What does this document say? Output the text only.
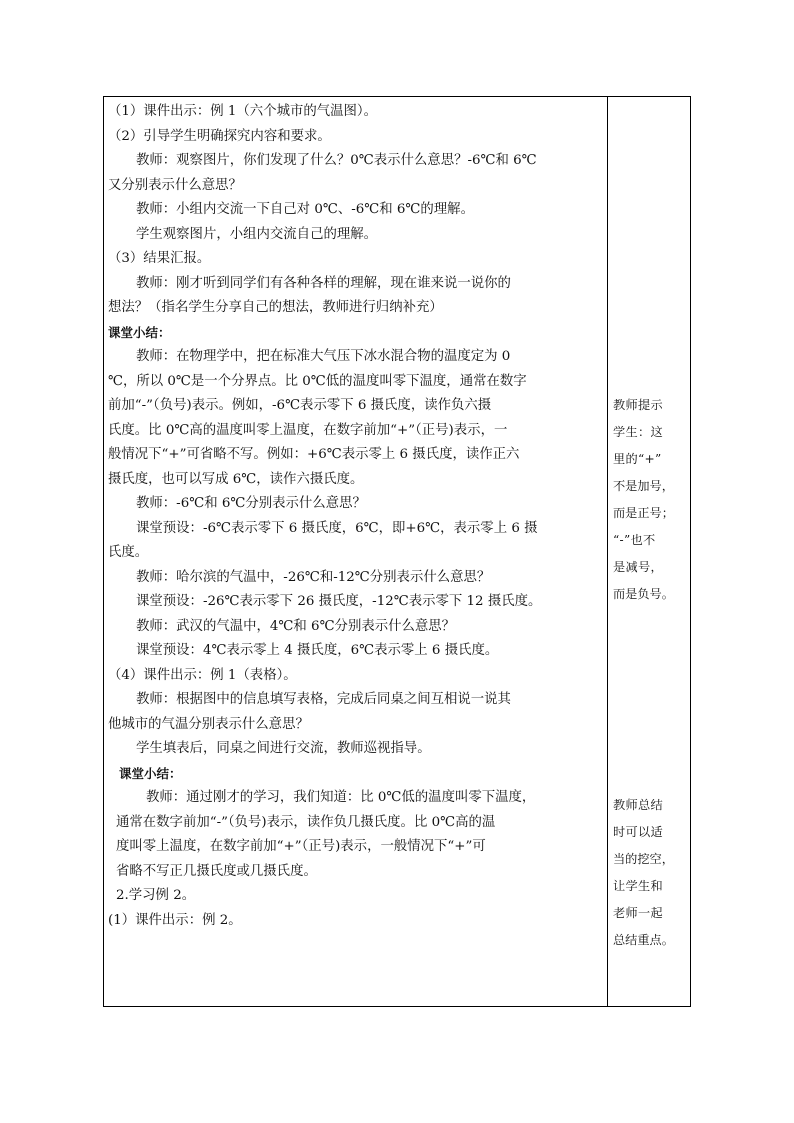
（1）课件出示：例 1（六个城市的气温图）。
（2）引导学生明确探究内容和要求。
教师：观察图片，你们发现了什么？0℃表示什么意思？-6℃和 6℃
又分别表示什么意思？
教师：小组内交流一下自己对 0℃、-6℃和 6℃的理解。
学生观察图片，小组内交流自己的理解。
（3）结果汇报。
教师：刚才听到同学们有各种各样的理解，现在谁来说一说你的
想法？（指名学生分享自己的想法，教师进行归纳补充）
课堂小结：
教师：在物理学中，把在标准大气压下冰水混合物的温度定为 0
℃，所以 0℃是一个分界点。比 0℃低的温度叫零下温度，通常在数字
前加“-”（负号)表示。例如，-6℃表示零下 6 摄氏度，读作负六摄
氏度。比 0℃高的温度叫零上温度，在数字前加“+”（正号)表示，一
般情况下“+”可省略不写。例如：+6℃表示零上 6 摄氏度，读作正六
摄氏度，也可以写成 6℃，读作六摄氏度。
教师：-6℃和 6℃分别表示什么意思？
课堂预设：-6℃表示零下 6 摄氏度，6℃，即+6℃，表示零上 6 摄
氏度。
教师：哈尔滨的气温中，-26℃和-12℃分别表示什么意思？
课堂预设：-26℃表示零下 26 摄氏度，-12℃表示零下 12 摄氏度。
教师：武汉的气温中，4℃和 6℃分别表示什么意思？
课堂预设：4℃表示零上 4 摄氏度，6℃表示零上 6 摄氏度。
（4）课件出示：例 1（表格）。
教师：根据图中的信息填写表格，完成后同桌之间互相说一说其
他城市的气温分别表示什么意思？
学生填表后，同桌之间进行交流，教师巡视指导。
课堂小结：
教师：通过刚才的学习，我们知道：比 0℃低的温度叫零下温度，
通常在数字前加“-”（负号)表示，读作负几摄氏度。比 0℃高的温
度叫零上温度，在数字前加“+”（正号)表示，一般情况下“+”可
省略不写正几摄氏度或几摄氏度。
2.学习例 2。
(1）课件出示：例 2。
教师提示
学生：这
里的“+”
不是加号，
而是正号；
“-”也不
是减号，
而是负号。
教师总结
时可以适
当的挖空，
让学生和
老师一起
总结重点。
